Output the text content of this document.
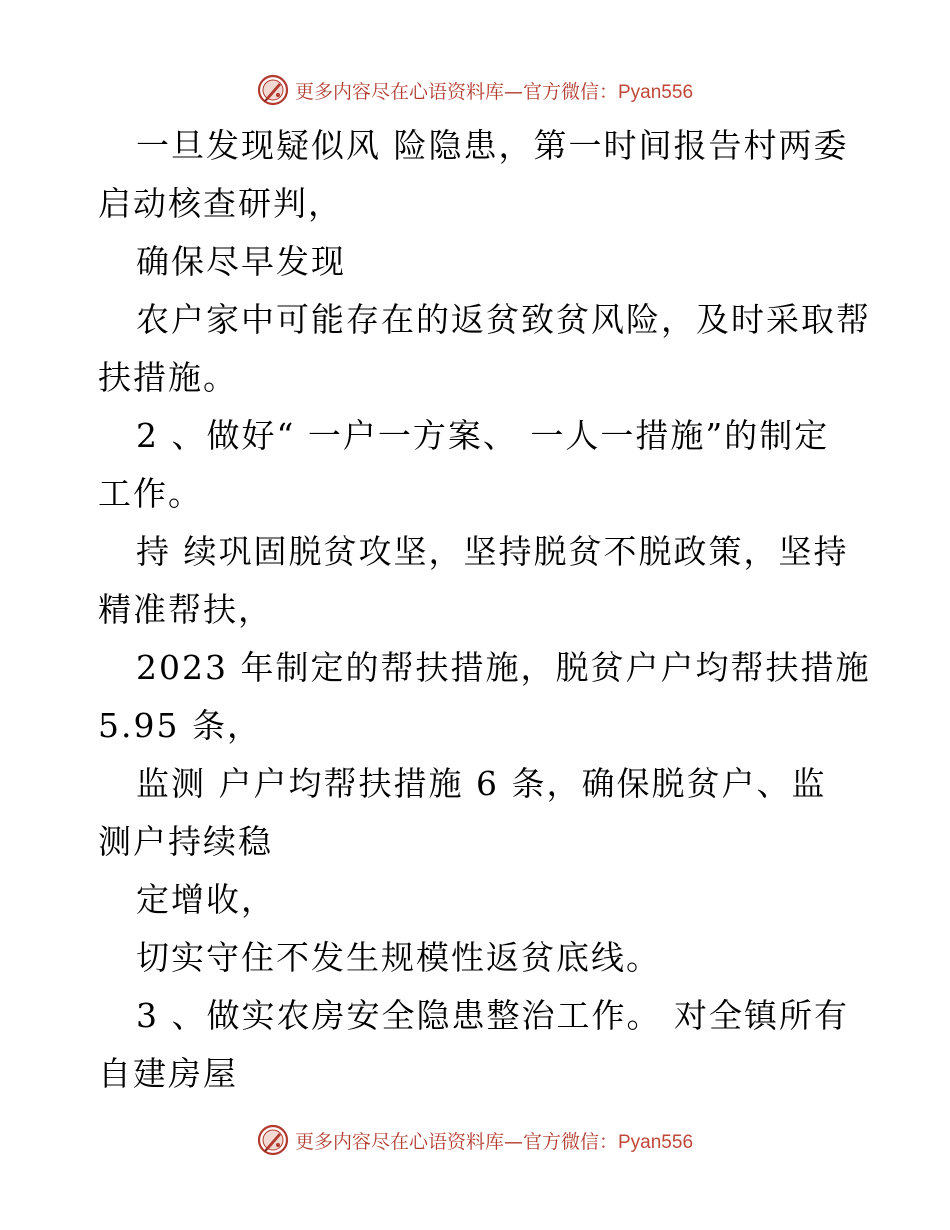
更多内容尽在心语资料库—官方微信：Pyan556
一旦发现疑似风 险隐患，第一时间报告村两委
启动核查研判，
确保尽早发现
农户家中可能存在的返贫致贫风险，及时采取帮
扶措施。
2 、做好“ 一户一方案、 一人一措施”的制定
工作。
持 续巩固脱贫攻坚，坚持脱贫不脱政策，坚持
精准帮扶，
2023 年制定的帮扶措施，脱贫户户均帮扶措施
5.95 条，
监测 户户均帮扶措施 6 条，确保脱贫户、监
测户持续稳
定增收，
切实守住不发生规模性返贫底线。
3 、做实农房安全隐患整治工作。 对全镇所有
自建房屋
更多内容尽在心语资料库—官方微信：Pyan556
